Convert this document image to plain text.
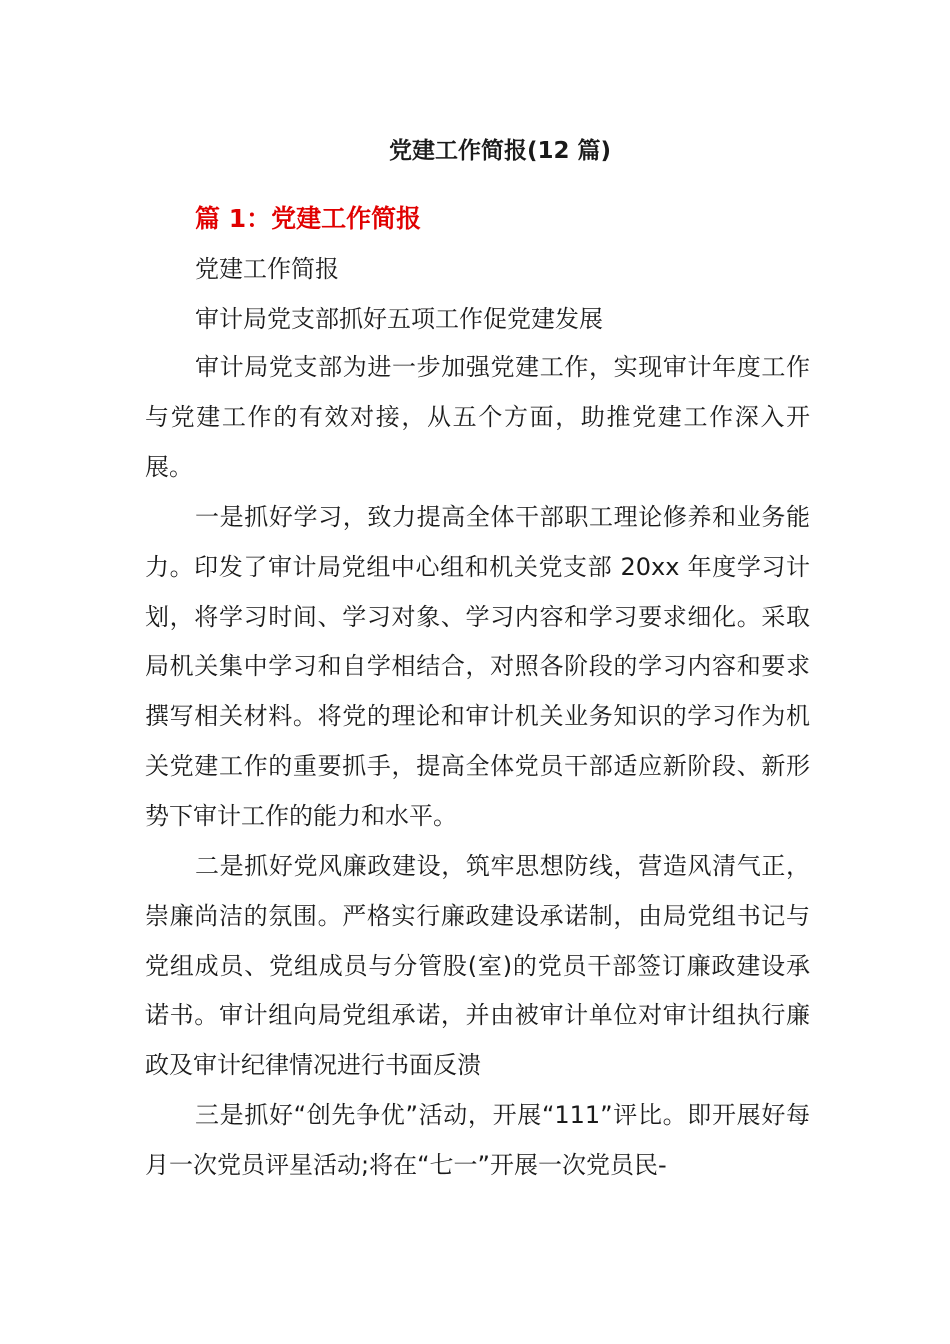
党建工作简报(12 篇)
篇 1：党建工作简报
党建工作简报
审计局党支部抓好五项工作促党建发展

审计局党支部为进一步加强党建工作，实现审计年度工作与党建工作的有效对接，从五个方面，助推党建工作深入开展。

一是抓好学习，致力提高全体干部职工理论修养和业务能力。印发了审计局党组中心组和机关党支部 20xx 年度学习计划，将学习时间、学习对象、学习内容和学习要求细化。采取局机关集中学习和自学相结合，对照各阶段的学习内容和要求撰写相关材料。将党的理论和审计机关业务知识的学习作为机关党建工作的重要抓手，提高全体党员干部适应新阶段、新形势下审计工作的能力和水平。

二是抓好党风廉政建设，筑牢思想防线，营造风清气正，崇廉尚洁的氛围。严格实行廉政建设承诺制，由局党组书记与党组成员、党组成员与分管股(室)的党员干部签订廉政建设承诺书。审计组向局党组承诺，并由被审计单位对审计组执行廉政及审计纪律情况进行书面反溃

三是抓好“创先争优”活动，开展“111”评比。即开展好每月一次党员评星活动;将在“七一”开展一次党员民-
